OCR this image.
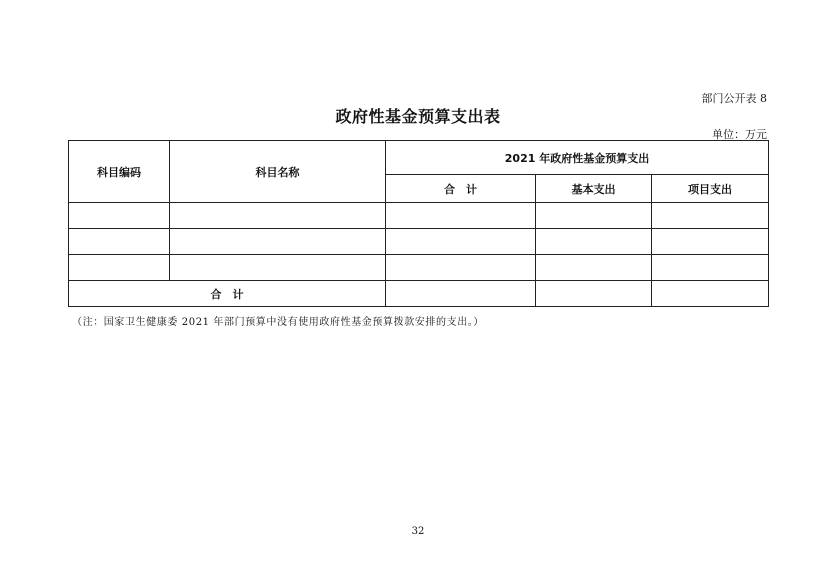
部门公开表 8
政府性基金预算支出表
单位：万元
科目编码	科目名称	2021 年政府性基金预算支出		
		合　计	基本支出	项目支出

合　计				
（注：国家卫生健康委 2021 年部门预算中没有使用政府性基金预算拨款安排的支出。）
32
